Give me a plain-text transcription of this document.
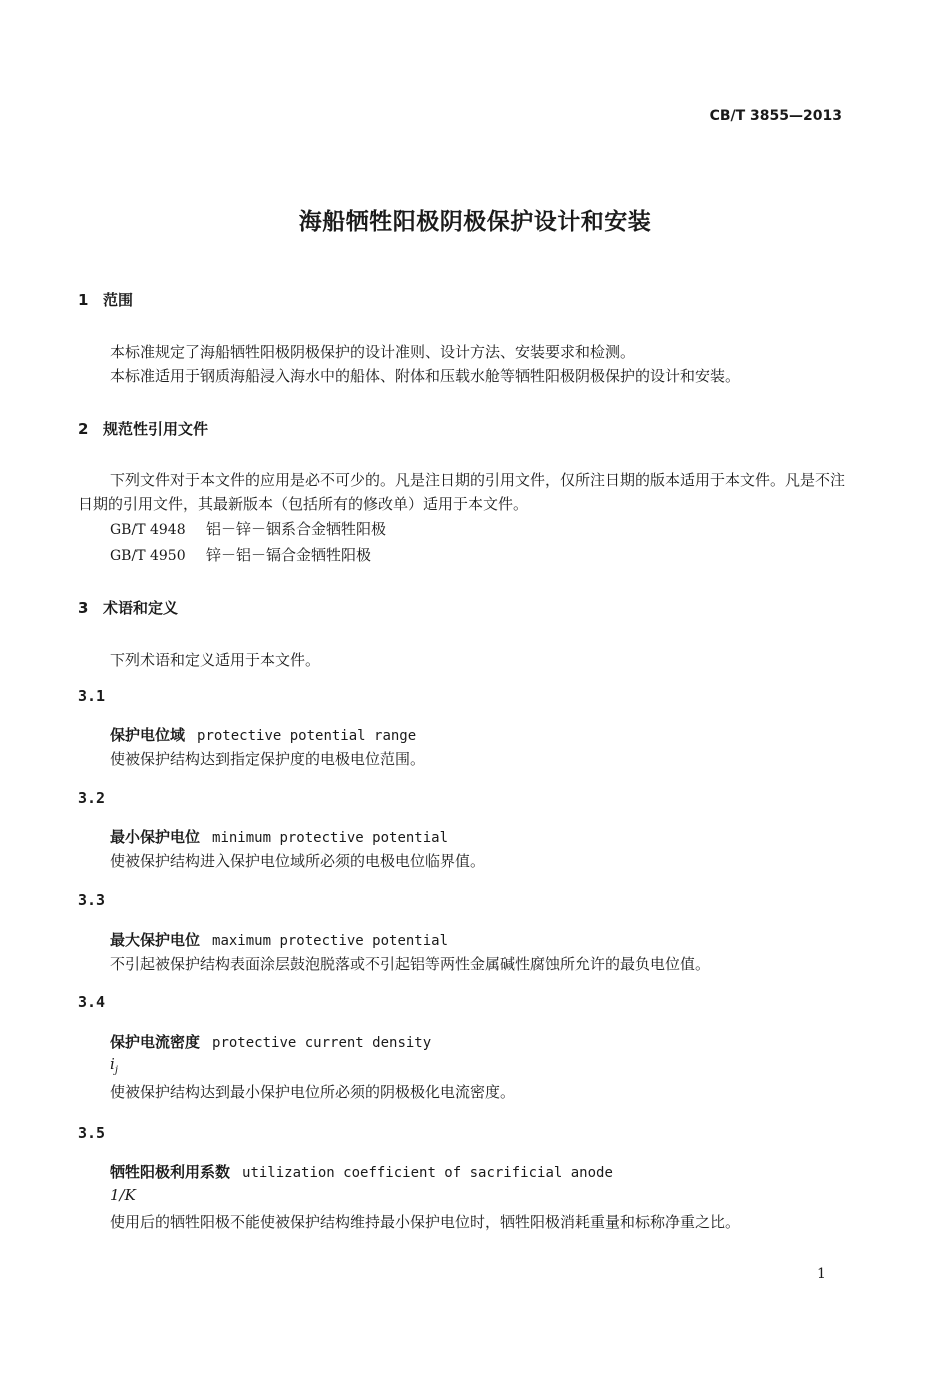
CB/T 3855—2013
海船牺牲阳极阴极保护设计和安装
1 范围
本标准规定了海船牺牲阳极阴极保护的设计准则、设计方法、安装要求和检测。
本标准适用于钢质海船浸入海水中的船体、附体和压载水舱等牺牲阳极阴极保护的设计和安装。
2 规范性引用文件
下列文件对于本文件的应用是必不可少的。凡是注日期的引用文件，仅所注日期的版本适用于本文件。凡是不注日期的引用文件，其最新版本（包括所有的修改单）适用于本文件。
GB/T 4948 铝－锌－铟系合金牺牲阳极
GB/T 4950 锌－铝－镉合金牺牲阳极
3 术语和定义
下列术语和定义适用于本文件。
3.1
保护电位域 protective potential range
使被保护结构达到指定保护度的电极电位范围。
3.2
最小保护电位 minimum protective potential
使被保护结构进入保护电位域所必须的电极电位临界值。
3.3
最大保护电位 maximum protective potential
不引起被保护结构表面涂层鼓泡脱落或不引起铝等两性金属碱性腐蚀所允许的最负电位值。
3.4
保护电流密度 protective current density
$i_j$
使被保护结构达到最小保护电位所必须的阴极极化电流密度。
3.5
牺牲阳极利用系数 utilization coefficient of sacrificial anode
1/K
使用后的牺牲阳极不能使被保护结构维持最小保护电位时，牺牲阳极消耗重量和标称净重之比。
1
